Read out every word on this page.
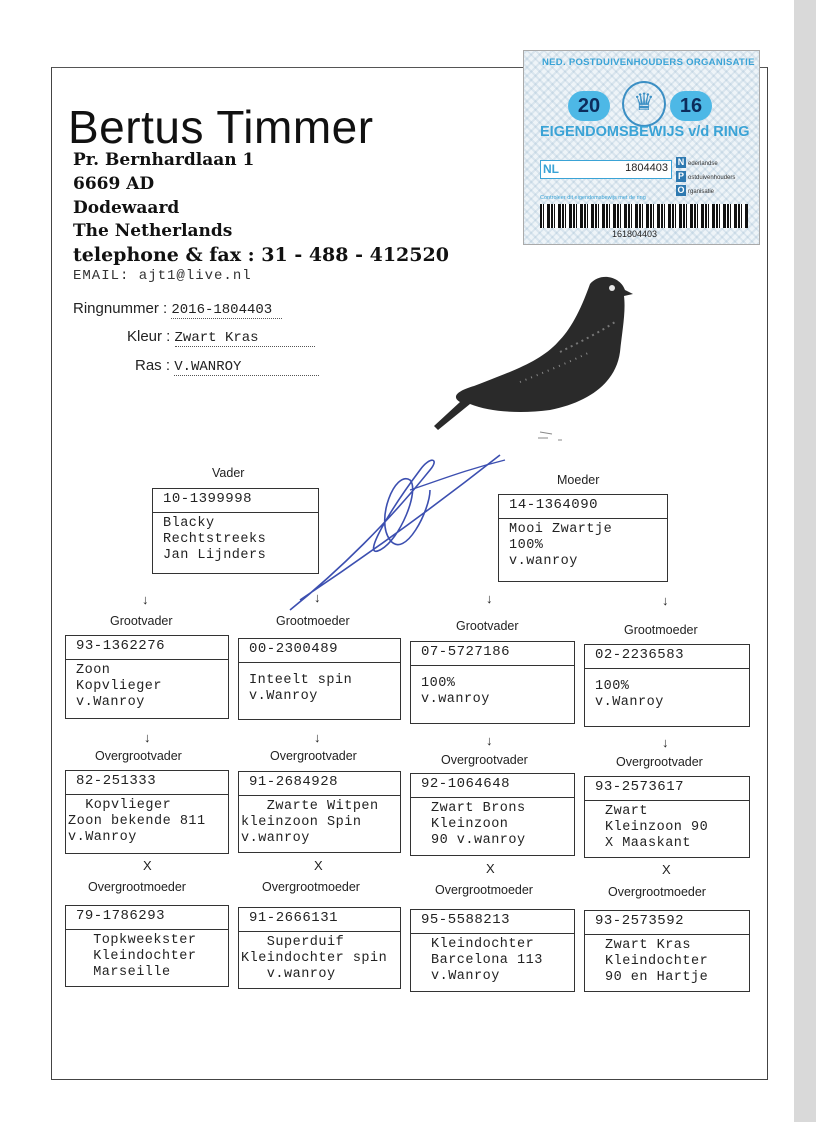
Bertus Timmer
Pr. Bernhardlaan 1
6669 AD
Dodewaard
The Netherlands
telephone & fax : 31 - 488 - 412520
EMAIL: ajt1@live.nl
Ringnummer : 2016-1804403
Kleur : Zwart Kras
Ras : V.WANROY
NED. POSTDUIVENHOUDERS ORGANISATIE
20	♛	16
EIGENDOMSBEWIJS v/d RING
NL	1804403 N ederlandse
P ostduivenhouders
O rganisatie
Controleer dit eigendomsbewijs met de ring
161804403
Vader
10-1399998
Blacky
Rechtstreeks
Jan Lijnders
Moeder
14-1364090
Mooi Zwartje
100%
v.wanroy
↓	↓	↓	↓
Grootvader	Grootmoeder	Grootvader	Grootmoeder
93-1362276
Zoon
Kopvlieger
v.Wanroy
00-2300489
Inteelt spin
v.Wanroy
07-5727186
100%
v.wanroy
02-2236583
100%
v.Wanroy
↓	↓	↓	↓
Overgrootvader	Overgrootvader	Overgrootvader	Overgrootvader
82-251333
Kopvlieger
Zoon bekende 811
v.Wanroy
91-2684928
Zwarte Witpen
kleinzoon Spin
v.wanroy
92-1064648
Zwart Brons
Kleinzoon
90 v.wanroy
93-2573617
Zwart
Kleinzoon 90
X Maaskant
X	X	X	X
Overgrootmoeder	Overgrootmoeder	Overgrootmoeder	Overgrootmoeder
79-1786293
Topkweekster
Kleindochter
Marseille
91-2666131
Superduif
Kleindochter spin
v.wanroy
95-5588213
Kleindochter
Barcelona 113
v.Wanroy
93-2573592
Zwart Kras
Kleindochter
90 en Hartje
